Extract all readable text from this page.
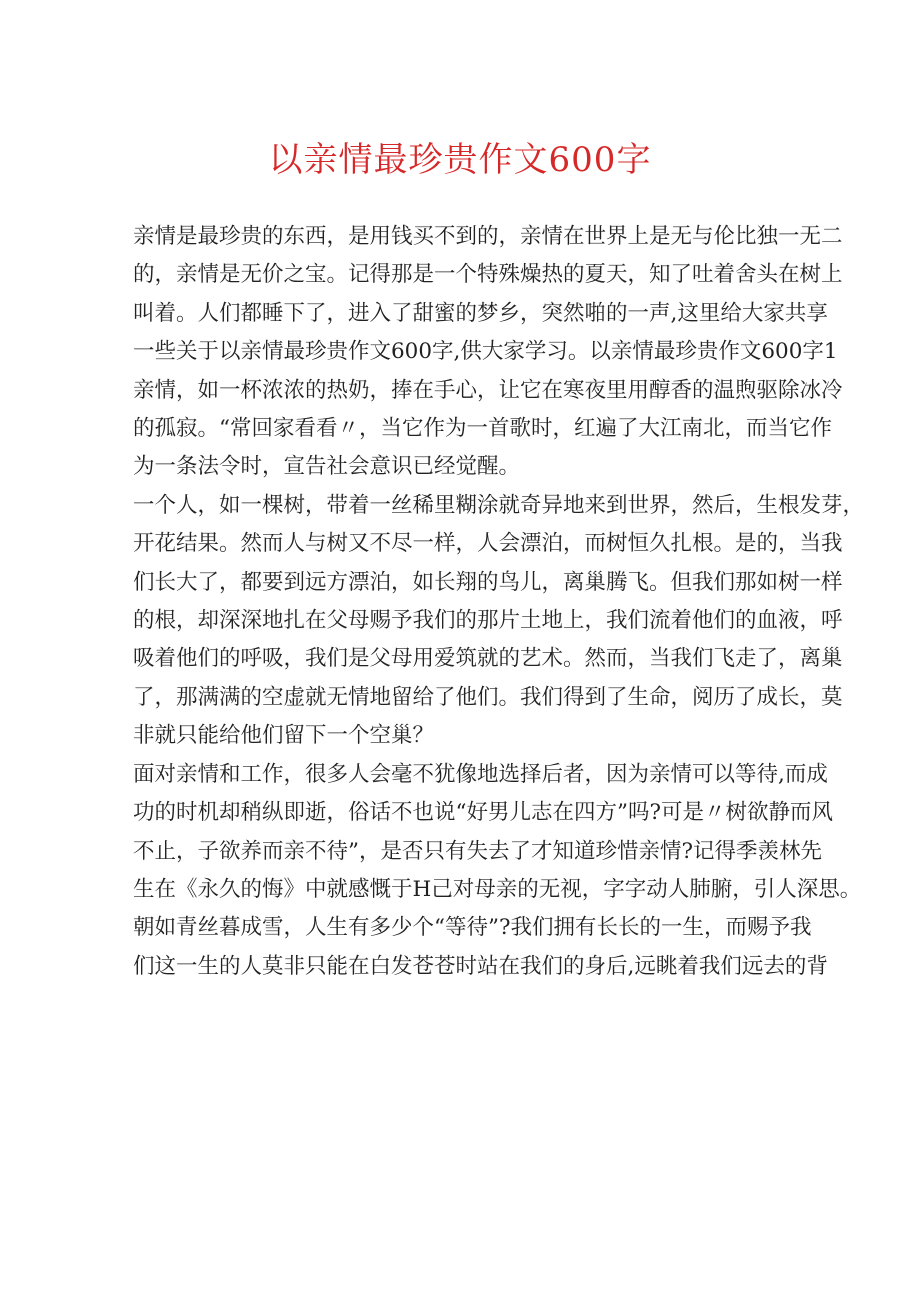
以亲情最珍贵作文600字
亲情是最珍贵的东西，是用钱买不到的，亲情在世界上是无与伦比独一无二
的，亲情是无价之宝。记得那是一个特殊燥热的夏天，知了吐着舍头在树上
叫着。人们都睡下了，进入了甜蜜的梦乡，突然啪的一声,这里给大家共享
一些关于以亲情最珍贵作文600字,供大家学习。以亲情最珍贵作文600字1
亲情，如一杯浓浓的热奶，捧在手心，让它在寒夜里用醇香的温煦驱除冰冷
的孤寂。“常回家看看〃，当它作为一首歌时，红遍了大江南北，而当它作
为一条法令时，宣告社会意识已经觉醒。
一个人，如一棵树，带着一丝稀里糊涂就奇异地来到世界，然后，生根发芽，
开花结果。然而人与树又不尽一样，人会漂泊，而树恒久扎根。是的，当我
们长大了，都要到远方漂泊，如长翔的鸟儿，离巢腾飞。但我们那如树一样
的根，却深深地扎在父母赐予我们的那片土地上，我们流着他们的血液，呼
吸着他们的呼吸，我们是父母用爱筑就的艺术。然而，当我们飞走了，离巢
了，那满满的空虚就无情地留给了他们。我们得到了生命，阅历了成长，莫
非就只能给他们留下一个空巢？
面对亲情和工作，很多人会毫不犹像地选择后者，因为亲情可以等待,而成
功的时机却稍纵即逝，俗话不也说“好男儿志在四方”吗?可是〃树欲静而风
不止，子欲养而亲不待”，是否只有失去了才知道珍惜亲情?记得季羡林先
生在《永久的悔》中就感慨于H己对母亲的无视，字字动人肺腑，引人深思。
朝如青丝暮成雪，人生有多少个“等待”?我们拥有长长的一生，而赐予我
们这一生的人莫非只能在白发苍苍时站在我们的身后,远眺着我们远去的背
